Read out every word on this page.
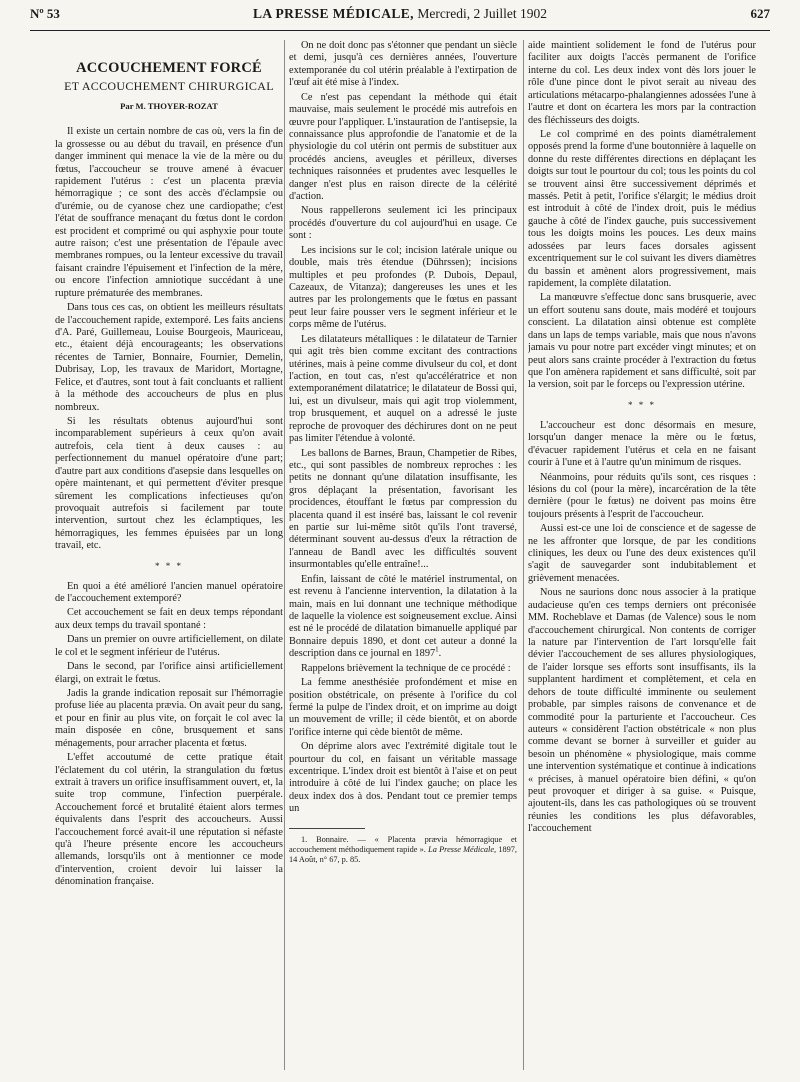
Nº 53	LA PRESSE MÉDICALE, Mercredi, 2 Juillet 1902	627
ACCOUCHEMENT FORCÉ
ET ACCOUCHEMENT CHIRURGICAL
Par M. THOYER-ROZAT

Il existe un certain nombre de cas où, vers la fin de la grossesse ou au début du travail, en présence d'un danger imminent qui menace la vie de la mère ou du fœtus, l'accoucheur se trouve amené à évacuer rapidement l'utérus : c'est un placenta prævia hémorragique ; ce sont des accès d'éclampsie ou d'urémie, ou de cyanose chez une cardiopathe; c'est l'état de souffrance menaçant du fœtus dont le cordon est procident et comprimé ou qui asphyxie pour toute autre raison; c'est une présentation de l'épaule avec membranes rompues, ou la lenteur excessive du travail faisant craindre l'épuisement et l'infection de la mère, ou encore l'infection amniotique succédant à une rupture prématurée des membranes.

Dans tous ces cas, on obtient les meilleurs résultats de l'accouchement rapide, extemporé. Les faits anciens d'A. Paré, Guillemeau, Louise Bourgeois, Mauriceau, etc., étaient déjà encourageants; les observations récentes de Tarnier, Bonnaire, Fournier, Demelin, Dubrisay, Lop, les travaux de Maridort, Mortagne, Felice, et d'autres, sont tout à fait concluants et rallient à la méthode des accoucheurs de plus en plus nombreux.

Si les résultats obtenus aujourd'hui sont incomparablement supérieurs à ceux qu'on avait autrefois, cela tient à deux causes : au perfectionnement du manuel opératoire d'une part; d'autre part aux conditions d'asepsie dans lesquelles on opère maintenant, et qui permettent d'éviter presque sûrement les complications infectieuses qu'on provoquait autrefois si facilement par toute intervention, surtout chez les éclamptiques, les hémorragiques, les femmes épuisées par un long travail, etc.

* * *

En quoi a été amélioré l'ancien manuel opératoire de l'accouchement extemporé?

Cet accouchement se fait en deux temps répondant aux deux temps du travail spontané :

Dans un premier on ouvre artificiellement, on dilate le col et le segment inférieur de l'utérus.

Dans le second, par l'orifice ainsi artificiellement élargi, on extrait le fœtus.

Jadis la grande indication reposait sur l'hémorragie profuse liée au placenta prævia. On avait peur du sang, et pour en finir au plus vite, on forçait le col avec la main disposée en cône, brusquement et sans ménagements, pour arracher placenta et fœtus.

L'effet accoutumé de cette pratique était l'éclatement du col utérin, la strangulation du fœtus extrait à travers un orifice insuffisamment ouvert, et, la suite trop commune, l'infection puerpérale. Accouchement forcé et brutalité étaient alors termes équivalents dans l'esprit des accoucheurs. Aussi l'accouchement forcé avait-il une réputation si néfaste qu'à l'heure présente encore les accoucheurs allemands, lorsqu'ils ont à mentionner ce mode d'intervention, croient devoir lui laisser la dénomination française.

On ne doit donc pas s'étonner que pendant un siècle et demi, jusqu'à ces dernières années, l'ouverture extemporanée du col utérin préalable à l'extirpation de l'œuf ait été mise à l'index.

Ce n'est pas cependant la méthode qui était mauvaise, mais seulement le procédé mis autrefois en œuvre pour l'appliquer. L'instauration de l'antisepsie, la connaissance plus approfondie de l'anatomie et de la physiologie du col utérin ont permis de substituer aux procédés anciens, aveugles et périlleux, diverses techniques raisonnées et prudentes avec lesquelles le danger n'est plus en raison directe de la célérité d'action.

Nous rappellerons seulement ici les principaux procédés d'ouverture du col aujourd'hui en usage. Ce sont :

Les incisions sur le col; incision latérale unique ou double, mais très étendue (Dührssen); incisions multiples et peu profondes (P. Dubois, Depaul, Cazeaux, de Vitanza); dangereuses les unes et les autres par les prolongements que le fœtus en passant peut leur faire pousser vers le segment inférieur et le corps même de l'utérus.

Les dilatateurs métalliques : le dilatateur de Tarnier qui agit très bien comme excitant des contractions utérines, mais à peine comme divulseur du col, et dont l'action, en tout cas, n'est qu'accélératrice et non extemporanément dilatatrice; le dilatateur de Bossi qui, lui, est un divulseur, mais qui agit trop violemment, trop brusquement, et auquel on a adressé le juste reproche de provoquer des déchirures dont on ne peut pas limiter l'étendue à volonté.

Les ballons de Barnes, Braun, Champetier de Ribes, etc., qui sont passibles de nombreux reproches : les petits ne donnant qu'une dilatation insuffisante, les gros déplaçant la présentation, favorisant les procidences, étouffant le fœtus par compression du placenta quand il est inséré bas, laissant le col revenir en partie sur lui-même sitôt qu'ils l'ont traversé, déterminant souvent au-dessus d'eux la rétraction de l'anneau de Bandl avec les difficultés souvent insurmontables qu'elle entraîne!...

Enfin, laissant de côté le matériel instrumental, on est revenu à l'ancienne intervention, la dilatation à la main, mais en lui donnant une technique méthodique de laquelle la violence est soigneusement exclue. Ainsi est né le procédé de dilatation bimanuelle appliqué par Bonnaire depuis 1890, et dont cet auteur a donné la description dans ce journal en 1897$^1$.

Rappelons brièvement la technique de ce procédé :

La femme anesthésiée profondément et mise en position obstétricale, on présente à l'orifice du col fermé la pulpe de l'index droit, et on imprime au doigt un mouvement de vrille; il cède bientôt, et on aborde l'orifice interne qui cède bientôt de même.

On déprime alors avec l'extrémité digitale tout le pourtour du col, en faisant un véritable massage excentrique. L'index droit est bientôt à l'aise et on peut introduire à côté de lui l'index gauche; on place les deux index dos à dos. Pendant tout ce premier temps un

1. Bonnaire. — « Placenta prævia hémorragique et accouchement méthodiquement rapide ». La Presse Médicale, 1897, 14 Août, n° 67, p. 85.

aide maintient solidement le fond de l'utérus pour faciliter aux doigts l'accès permanent de l'orifice interne du col. Les deux index vont dès lors jouer le rôle d'une pince dont le pivot serait au niveau des articulations métacarpo-phalangiennes adossées l'une à l'autre et dont on écartera les mors par la contraction des fléchisseurs des doigts.

Le col comprimé en des points diamétralement opposés prend la forme d'une boutonnière à laquelle on donne du reste différentes directions en déplaçant les doigts sur tout le pourtour du col; tous les points du col se trouvent ainsi être successivement déprimés et massés. Petit à petit, l'orifice s'élargit; le médius droit est introduit à côté de l'index droit, puis le médius gauche à côté de l'index gauche, puis successivement tous les doigts moins les pouces. Les deux mains adossées par leurs faces dorsales agissent excentriquement sur le col suivant les divers diamètres du bassin et amènent alors progressivement, mais rapidement, la complète dilatation.

La manœuvre s'effectue donc sans brusquerie, avec un effort soutenu sans doute, mais modéré et toujours conscient. La dilatation ainsi obtenue est complète dans un laps de temps variable, mais que nous n'avons jamais vu pour notre part excéder vingt minutes; et on peut alors sans crainte procéder à l'extraction du fœtus que l'on amènera rapidement et sans difficulté, soit par la version, soit par le forceps ou l'expression utérine.

* * *

L'accoucheur est donc désormais en mesure, lorsqu'un danger menace la mère ou le fœtus, d'évacuer rapidement l'utérus et cela en ne faisant courir à l'une et à l'autre qu'un minimum de risques.

Néanmoins, pour réduits qu'ils sont, ces risques : lésions du col (pour la mère), incarcération de la tête dernière (pour le fœtus) ne doivent pas moins être toujours présents à l'esprit de l'accoucheur.

Aussi est-ce une loi de conscience et de sagesse de ne les affronter que lorsque, de par les conditions cliniques, les deux ou l'une des deux existences qu'il s'agit de sauvegarder sont indubitablement et grièvement menacées.

Nous ne saurions donc nous associer à la pratique audacieuse qu'en ces temps derniers ont préconisée MM. Rocheblave et Damas (de Valence) sous le nom d'accouchement chirurgical. Non contents de corriger la nature par l'intervention de l'art lorsqu'elle fait dévier l'accouchement de ses allures physiologiques, de l'aider lorsque ses efforts sont insuffisants, ils la supplantent hardiment et complètement, et cela en dehors de toute difficulté imminente ou seulement probable, par simples raisons de convenance et de commodité pour la parturiente et l'accoucheur. Ces auteurs « considèrent l'action obstétricale « non plus comme devant se borner à surveiller et guider au besoin un phénomène « physiologique, mais comme une intervention systématique et continue à indications « précises, à manuel opératoire bien défini, « qu'on peut provoquer et diriger à sa guise. « Puisque, ajoutent-ils, dans les cas pathologiques où se trouvent réunies les conditions les plus défavorables, l'accouchement
